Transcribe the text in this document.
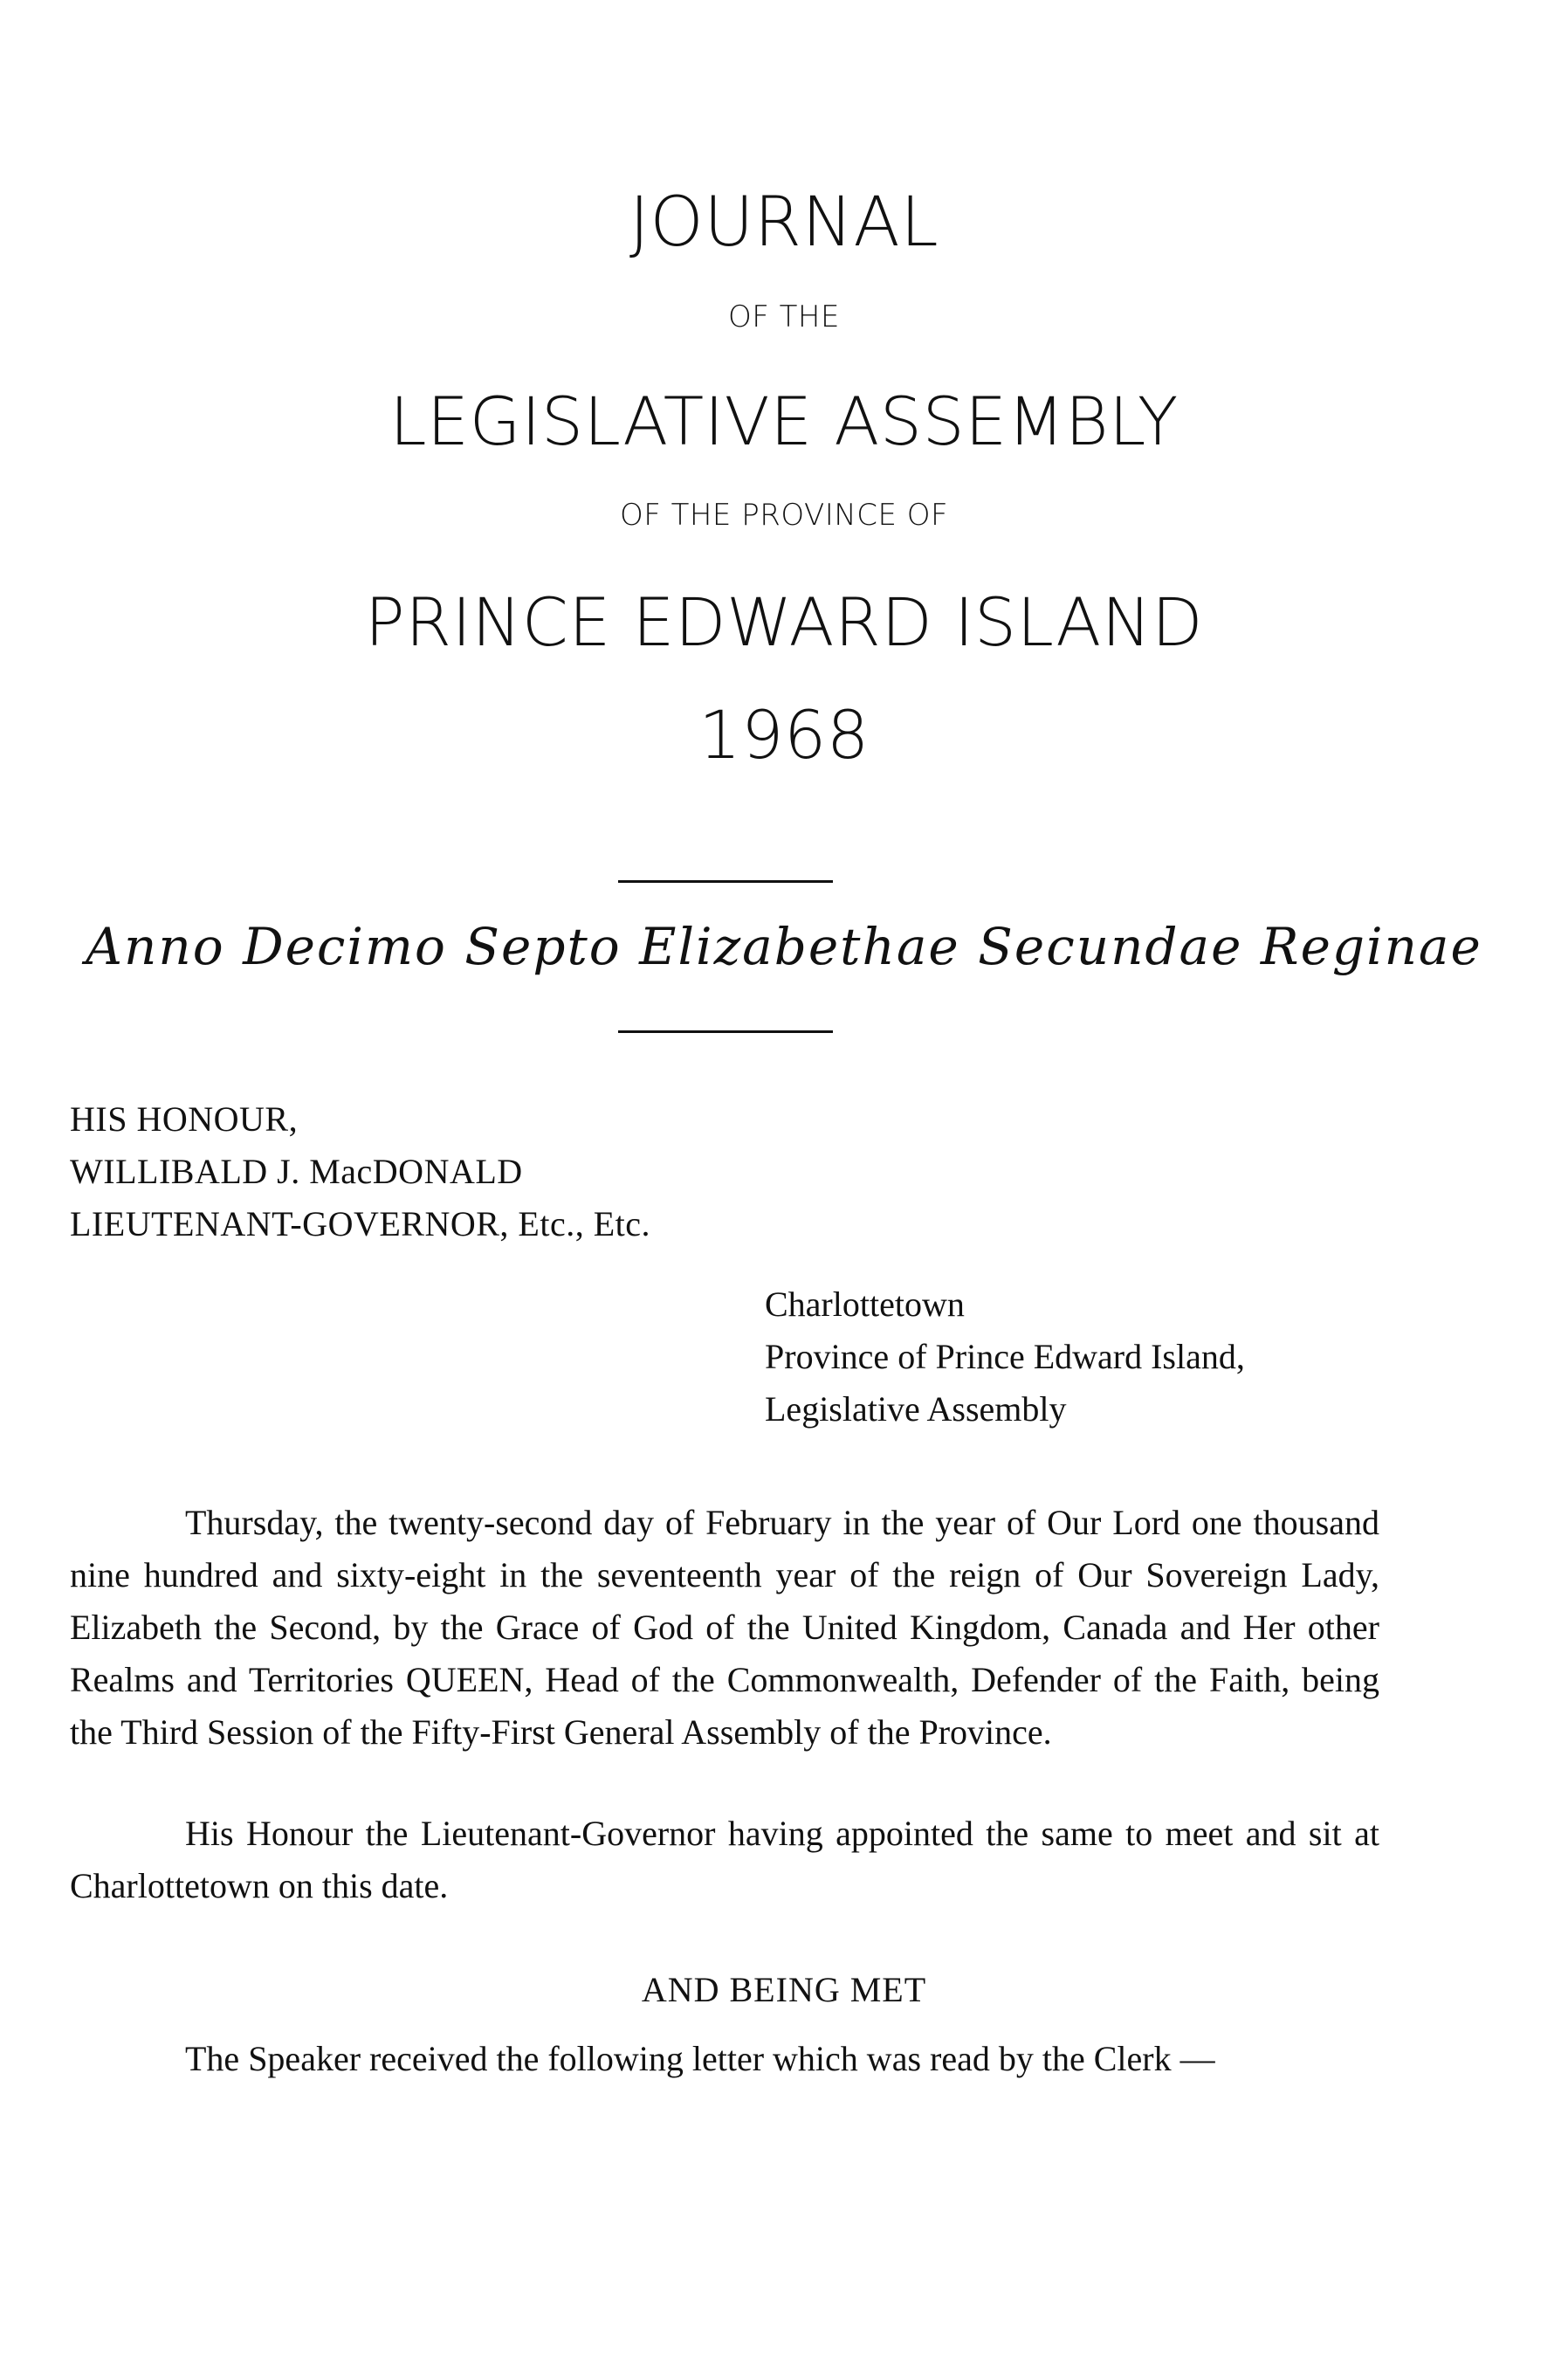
JOURNAL
OF THE
LEGISLATIVE ASSEMBLY
OF THE PROVINCE OF
PRINCE EDWARD ISLAND
1968
Anno Decimo Septo Elizabethae Secundae Reginae
HIS HONOUR,
WILLIBALD J. MacDONALD
LIEUTENANT-GOVERNOR, Etc., Etc.
Charlottetown
Province of Prince Edward Island,
Legislative Assembly

Thursday, the twenty-second day of February in the year of Our Lord one thousand nine hundred and sixty-eight in the seventeenth year of the reign of Our Sovereign Lady, Elizabeth the Second, by the Grace of God of the United Kingdom, Canada and Her other Realms and Territories QUEEN, Head of the Commonwealth, Defender of the Faith, being the Third Session of the Fifty-First General Assembly of the Province.

His Honour the Lieutenant-Governor having appointed the same to meet and sit at Charlottetown on this date.

AND BEING MET

The Speaker received the following letter which was read by the Clerk —
